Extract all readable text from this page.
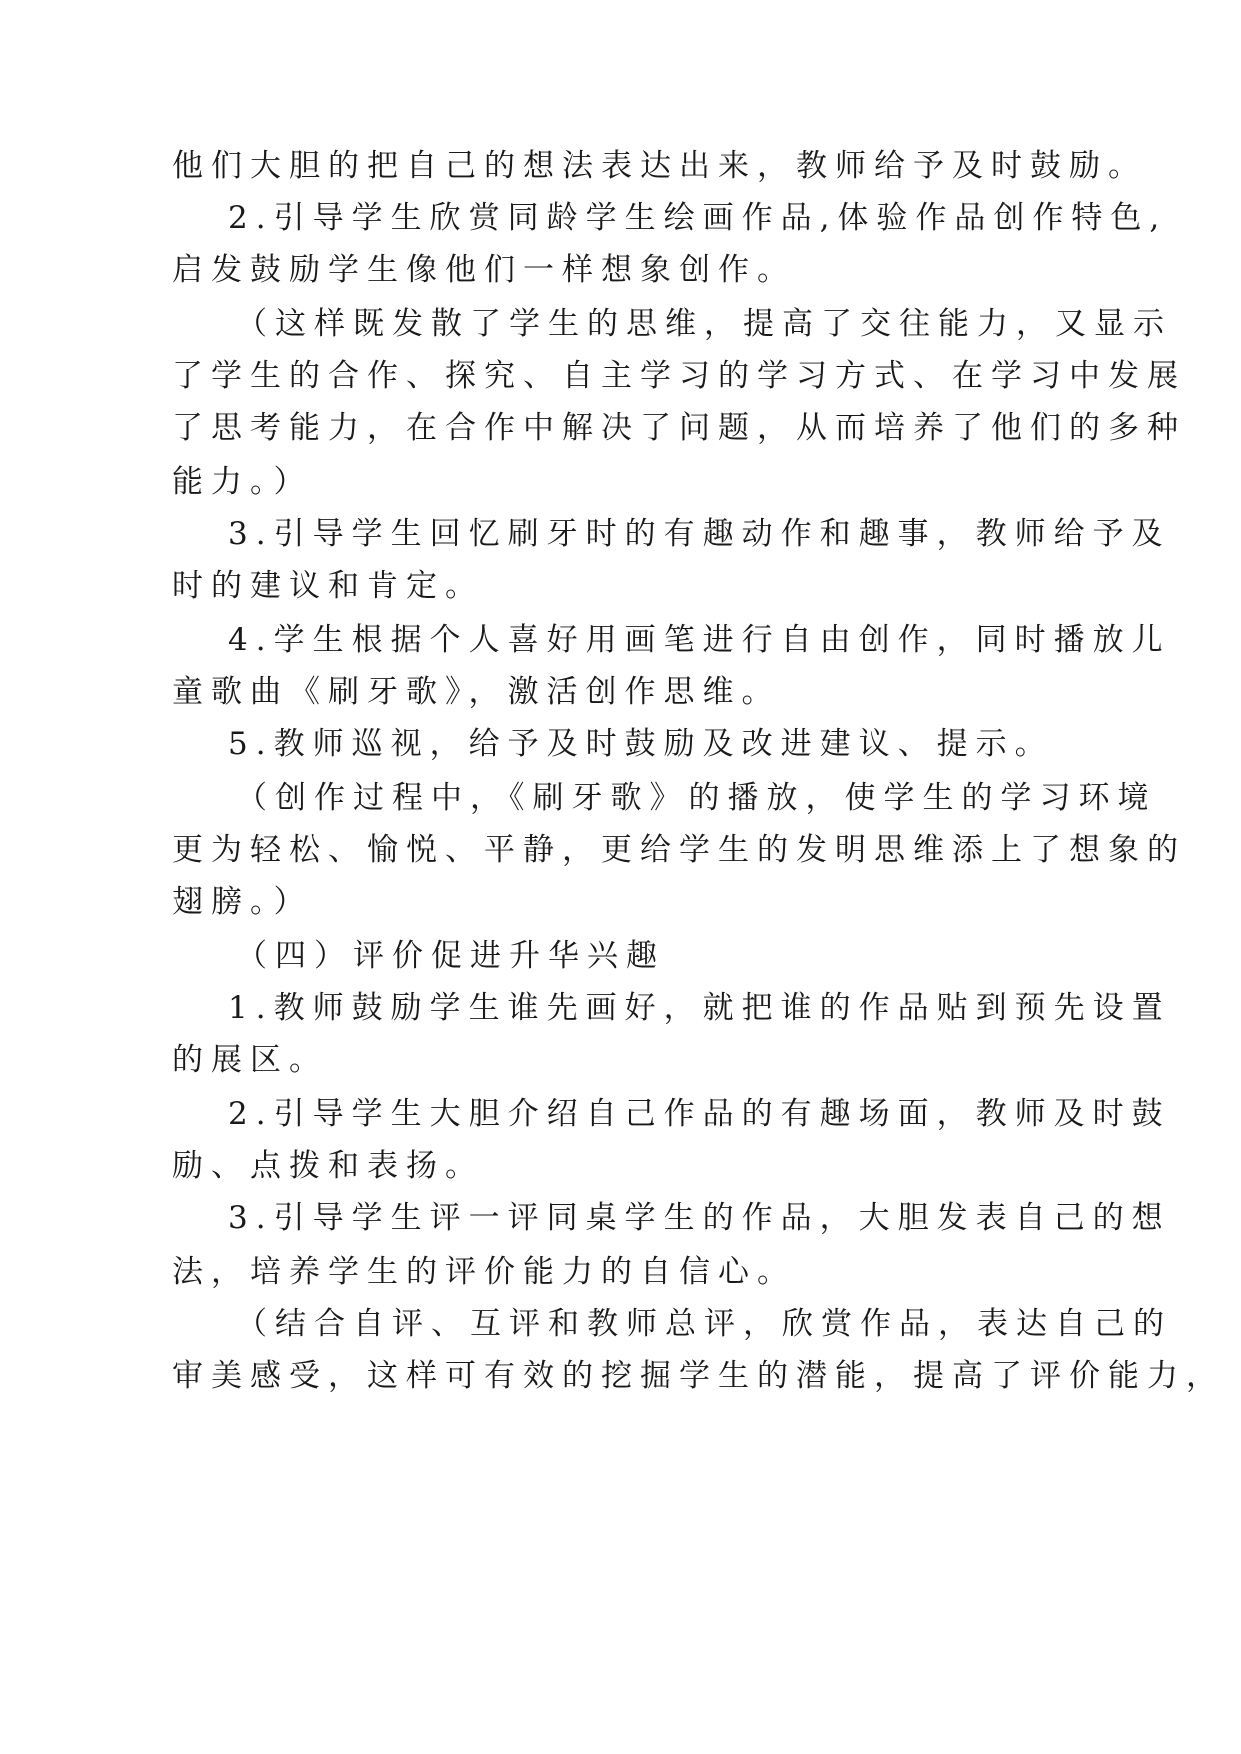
他们大胆的把自己的想法表达出来，教师给予及时鼓励。
2.引导学生欣赏同龄学生绘画作品,体验作品创作特色,
启发鼓励学生像他们一样想象创作。
（这样既发散了学生的思维，提高了交往能力，又显示
了学生的合作、探究、自主学习的学习方式、在学习中发展
了思考能力，在合作中解决了问题，从而培养了他们的多种
能力。）
3.引导学生回忆刷牙时的有趣动作和趣事，教师给予及
时的建议和肯定。
4.学生根据个人喜好用画笔进行自由创作，同时播放儿
童歌曲《刷牙歌》，激活创作思维。
5.教师巡视，给予及时鼓励及改进建议、提示。
（创作过程中，《刷牙歌》的播放，使学生的学习环境
更为轻松、愉悦、平静，更给学生的发明思维添上了想象的
翅膀。）
（四）评价促进升华兴趣
1.教师鼓励学生谁先画好，就把谁的作品贴到预先设置
的展区。
2.引导学生大胆介绍自己作品的有趣场面，教师及时鼓
励、点拨和表扬。
3.引导学生评一评同桌学生的作品，大胆发表自己的想
法，培养学生的评价能力的自信心。
（结合自评、互评和教师总评，欣赏作品，表达自己的
审美感受，这样可有效的挖掘学生的潜能，提高了评价能力，
